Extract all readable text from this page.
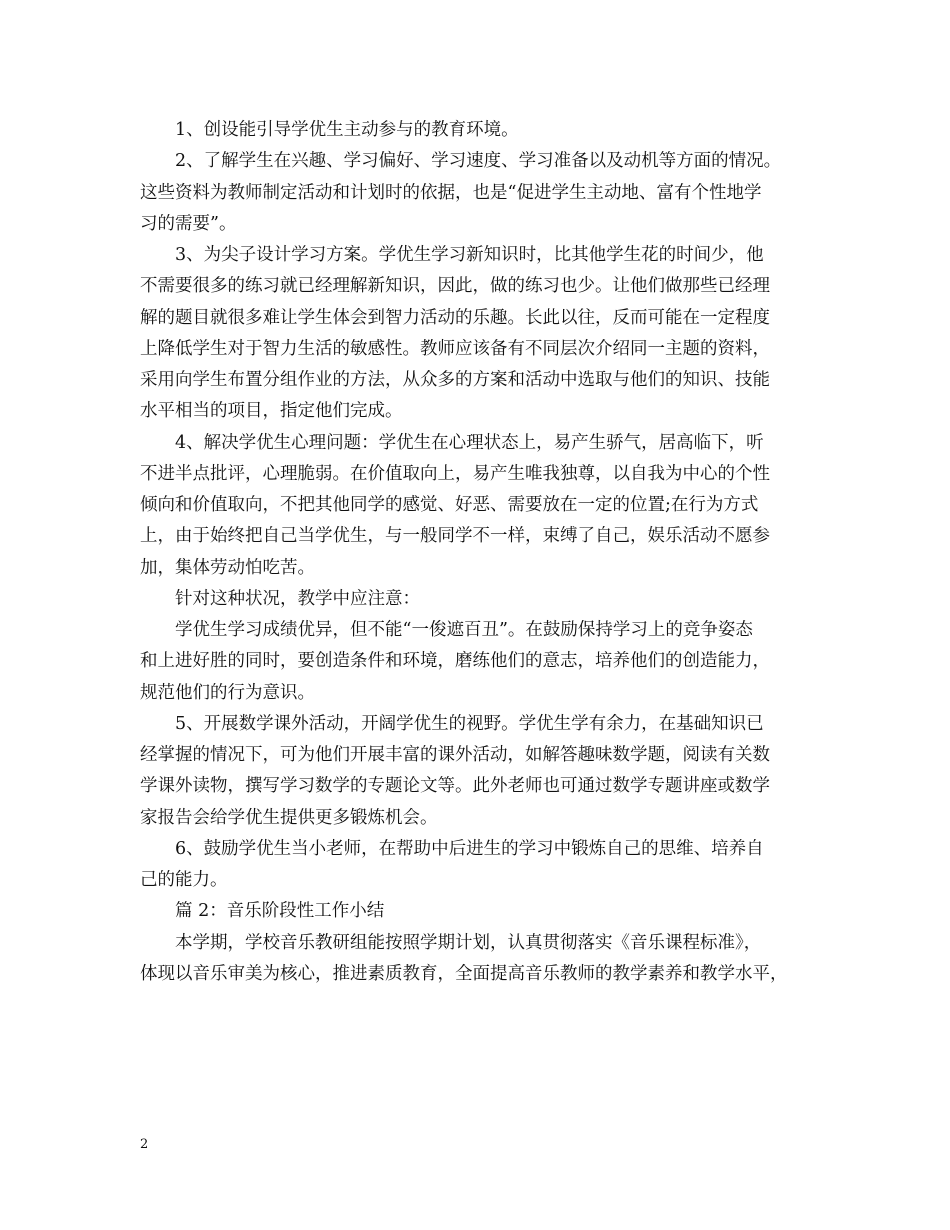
1、创设能引导学优生主动参与的教育环境。
2、了解学生在兴趣、学习偏好、学习速度、学习准备以及动机等方面的情况。
这些资料为教师制定活动和计划时的依据，也是“促进学生主动地、富有个性地学
习的需要”。
3、为尖子设计学习方案。学优生学习新知识时，比其他学生花的时间少，他
不需要很多的练习就已经理解新知识，因此，做的练习也少。让他们做那些已经理
解的题目就很多难让学生体会到智力活动的乐趣。长此以往，反而可能在一定程度
上降低学生对于智力生活的敏感性。教师应该备有不同层次介绍同一主题的资料，
采用向学生布置分组作业的方法，从众多的方案和活动中选取与他们的知识、技能
水平相当的项目，指定他们完成。
4、解决学优生心理问题：学优生在心理状态上，易产生骄气，居高临下，听
不进半点批评，心理脆弱。在价值取向上，易产生唯我独尊，以自我为中心的个性
倾向和价值取向，不把其他同学的感觉、好恶、需要放在一定的位置;在行为方式
上，由于始终把自己当学优生，与一般同学不一样，束缚了自己，娱乐活动不愿参
加，集体劳动怕吃苦。
针对这种状况，教学中应注意：
学优生学习成绩优异，但不能“一俊遮百丑”。在鼓励保持学习上的竞争姿态
和上进好胜的同时，要创造条件和环境，磨练他们的意志，培养他们的创造能力，
规范他们的行为意识。
5、开展数学课外活动，开阔学优生的视野。学优生学有余力，在基础知识已
经掌握的情况下，可为他们开展丰富的课外活动，如解答趣味数学题，阅读有关数
学课外读物，撰写学习数学的专题论文等。此外老师也可通过数学专题讲座或数学
家报告会给学优生提供更多锻炼机会。
6、鼓励学优生当小老师，在帮助中后进生的学习中锻炼自己的思维、培养自
己的能力。
篇 2：音乐阶段性工作小结
本学期，学校音乐教研组能按照学期计划，认真贯彻落实《音乐课程标准》，
体现以音乐审美为核心，推进素质教育，全面提高音乐教师的教学素养和教学水平，
2
